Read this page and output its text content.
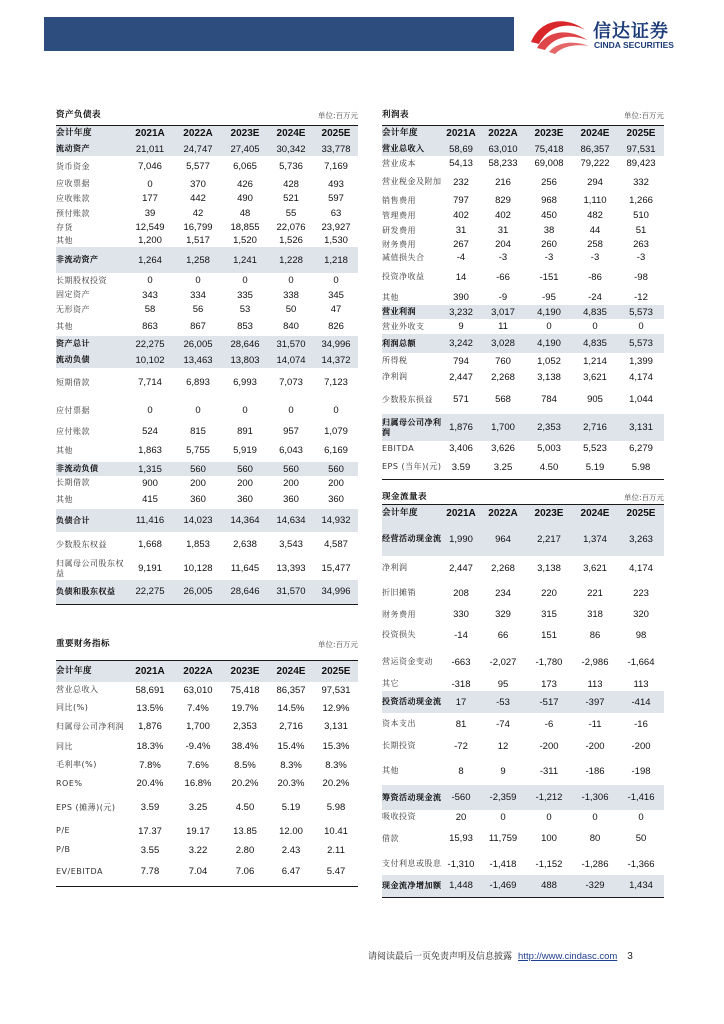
信达证券
CINDA SECURITIES
资产负债表				单位:百万元	
会计年度	2021A	2022A	2023E	2024E	2025E
流动资产	21,011	24,747	27,405	30,342	33,778
货币资金	7,046	5,577	6,065	5,736	7,169
应收票据	0	370	426	428	493
应收账款	177	442	490	521	597
预付账款	39	42	48	55	63
存货	12,549	16,799	18,855	22,076	23,927
其他	1,200	1,517	1,520	1,526	1,530
非流动资产	1,264	1,258	1,241	1,228	1,218
长期股权投资	0	0	0	0	0
固定资产	343	334	335	338	345
无形资产	58	56	53	50	47
其他	863	867	853	840	826
资产总计	22,275	26,005	28,646	31,570	34,996
流动负债	10,102	13,463	13,803	14,074	14,372
短期借款	7,714	6,893	6,993	7,073	7,123
应付票据	0	0	0	0	0
应付账款	524	815	891	957	1,079
其他	1,863	5,755	5,919	6,043	6,169
非流动负债	1,315	560	560	560	560
长期借款	900	200	200	200	200
其他	415	360	360	360	360
负债合计	11,416	14,023	14,364	14,634	14,932
少数股东权益	1,668	1,853	2,638	3,543	4,587
归属母公司股东权益	9,191	10,128	11,645	13,393	15,477
负债和股东权益	22,275	26,005	28,646	31,570	34,996
利润表				单位:百万元	
会计年度	2021A	2022A	2023E	2024E	2025E
营业总收入	58,69	63,010	75,418	86,357	97,531
营业成本	54,13	58,233	69,008	79,222	89,423
营业税金及附加	232	216	256	294	332
销售费用	797	829	968	1,110	1,266
管理费用	402	402	450	482	510
研发费用	31	31	38	44	51
财务费用	267	204	260	258	263
减值损失合	-4	-3	-3	-3	-3
投资净收益	14	-66	-151	-86	-98
其他	390	-9	-95	-24	-12
营业利润	3,232	3,017	4,190	4,835	5,573
营业外收支	9	11	0	0	0
利润总额	3,242	3,028	4,190	4,835	5,573
所得税	794	760	1,052	1,214	1,399
净利润	2,447	2,268	3,138	3,621	4,174
少数股东损益	571	568	784	905	1,044
归属母公司净利润	1,876	1,700	2,353	2,716	3,131
EBITDA	3,406	3,626	5,003	5,523	6,279
EPS (当年)(元)	3.59	3.25	4.50	5.19	5.98
重要财务指标				单位:百万元	
会计年度	2021A	2022A	2023E	2024E	2025E
营业总收入	58,691	63,010	75,418	86,357	97,531
同比(%)	13.5%	7.4%	19.7%	14.5%	12.9%
归属母公司净利润	1,876	1,700	2,353	2,716	3,131
同比	18.3%	-9.4%	38.4%	15.4%	15.3%
毛利率(%)	7.8%	7.6%	8.5%	8.3%	8.3%
ROE%	20.4%	16.8%	20.2%	20.3%	20.2%
EPS (摊薄)(元)	3.59	3.25	4.50	5.19	5.98
P/E	17.37	19.17	13.85	12.00	10.41
P/B	3.55	3.22	2.80	2.43	2.11
EV/EBITDA	7.78	7.04	7.06	6.47	5.47
现金流量表				单位:百万元	
会计年度	2021A	2022A	2023E	2024E	2025E
经营活动现金流	1,990	964	2,217	1,374	3,263
净利润	2,447	2,268	3,138	3,621	4,174
折旧摊销	208	234	220	221	223
财务费用	330	329	315	318	320
投资损失	-14	66	151	86	98
营运资金变动	-663	-2,027	-1,780	-2,986	-1,664
其它	-318	95	173	113	113
投资活动现金流	17	-53	-517	-397	-414
资本支出	81	-74	-6	-11	-16
长期投资	-72	12	-200	-200	-200
其他	8	9	-311	-186	-198
筹资活动现金流	-560	-2,359	-1,212	-1,306	-1,416
吸收投资	20	0	0	0	0
借款	15,93	11,759	100	80	50
支付利息或股息	-1,310	-1,418	-1,152	-1,286	-1,366
现金流净增加额	1,448	-1,469	488	-329	1,434
请阅读最后一页免责声明及信息披露 http://www.cindasc.com 3
